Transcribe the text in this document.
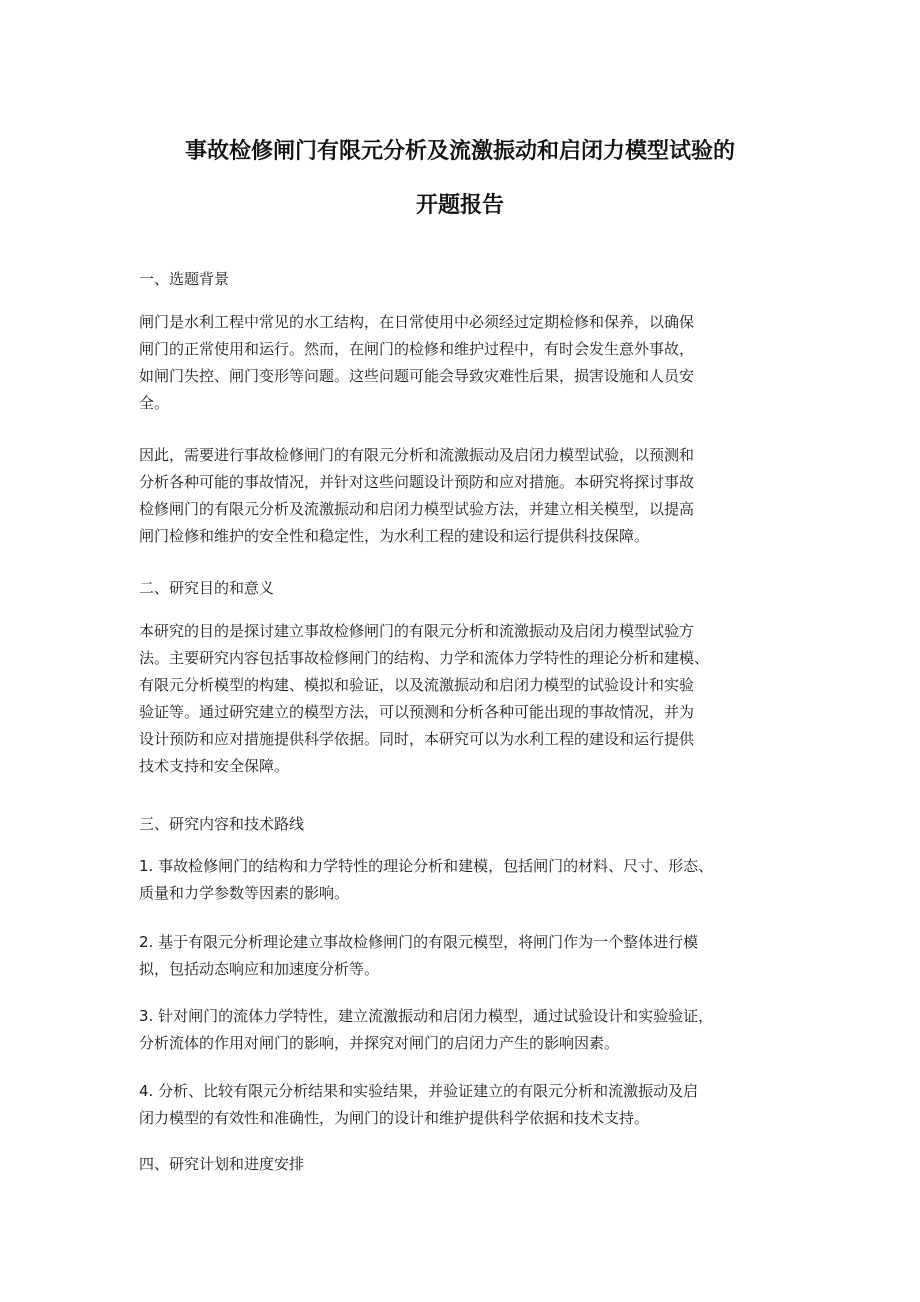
事故检修闸门有限元分析及流激振动和启闭力模型试验的
开题报告
一、选题背景
闸门是水利工程中常见的水工结构，在日常使用中必须经过定期检修和保养，以确保
闸门的正常使用和运行。然而，在闸门的检修和维护过程中，有时会发生意外事故，
如闸门失控、闸门变形等问题。这些问题可能会导致灾难性后果，损害设施和人员安
全。
因此，需要进行事故检修闸门的有限元分析和流激振动及启闭力模型试验，以预测和
分析各种可能的事故情况，并针对这些问题设计预防和应对措施。本研究将探讨事故
检修闸门的有限元分析及流激振动和启闭力模型试验方法，并建立相关模型，以提高
闸门检修和维护的安全性和稳定性，为水利工程的建设和运行提供科技保障。
二、研究目的和意义
本研究的目的是探讨建立事故检修闸门的有限元分析和流激振动及启闭力模型试验方
法。主要研究内容包括事故检修闸门的结构、力学和流体力学特性的理论分析和建模、
有限元分析模型的构建、模拟和验证，以及流激振动和启闭力模型的试验设计和实验
验证等。通过研究建立的模型方法，可以预测和分析各种可能出现的事故情况，并为
设计预防和应对措施提供科学依据。同时，本研究可以为水利工程的建设和运行提供
技术支持和安全保障。
三、研究内容和技术路线
1. 事故检修闸门的结构和力学特性的理论分析和建模，包括闸门的材料、尺寸、形态、
质量和力学参数等因素的影响。
2. 基于有限元分析理论建立事故检修闸门的有限元模型，将闸门作为一个整体进行模
拟，包括动态响应和加速度分析等。
3. 针对闸门的流体力学特性，建立流激振动和启闭力模型，通过试验设计和实验验证，
分析流体的作用对闸门的影响，并探究对闸门的启闭力产生的影响因素。
4. 分析、比较有限元分析结果和实验结果，并验证建立的有限元分析和流激振动及启
闭力模型的有效性和准确性，为闸门的设计和维护提供科学依据和技术支持。
四、研究计划和进度安排
